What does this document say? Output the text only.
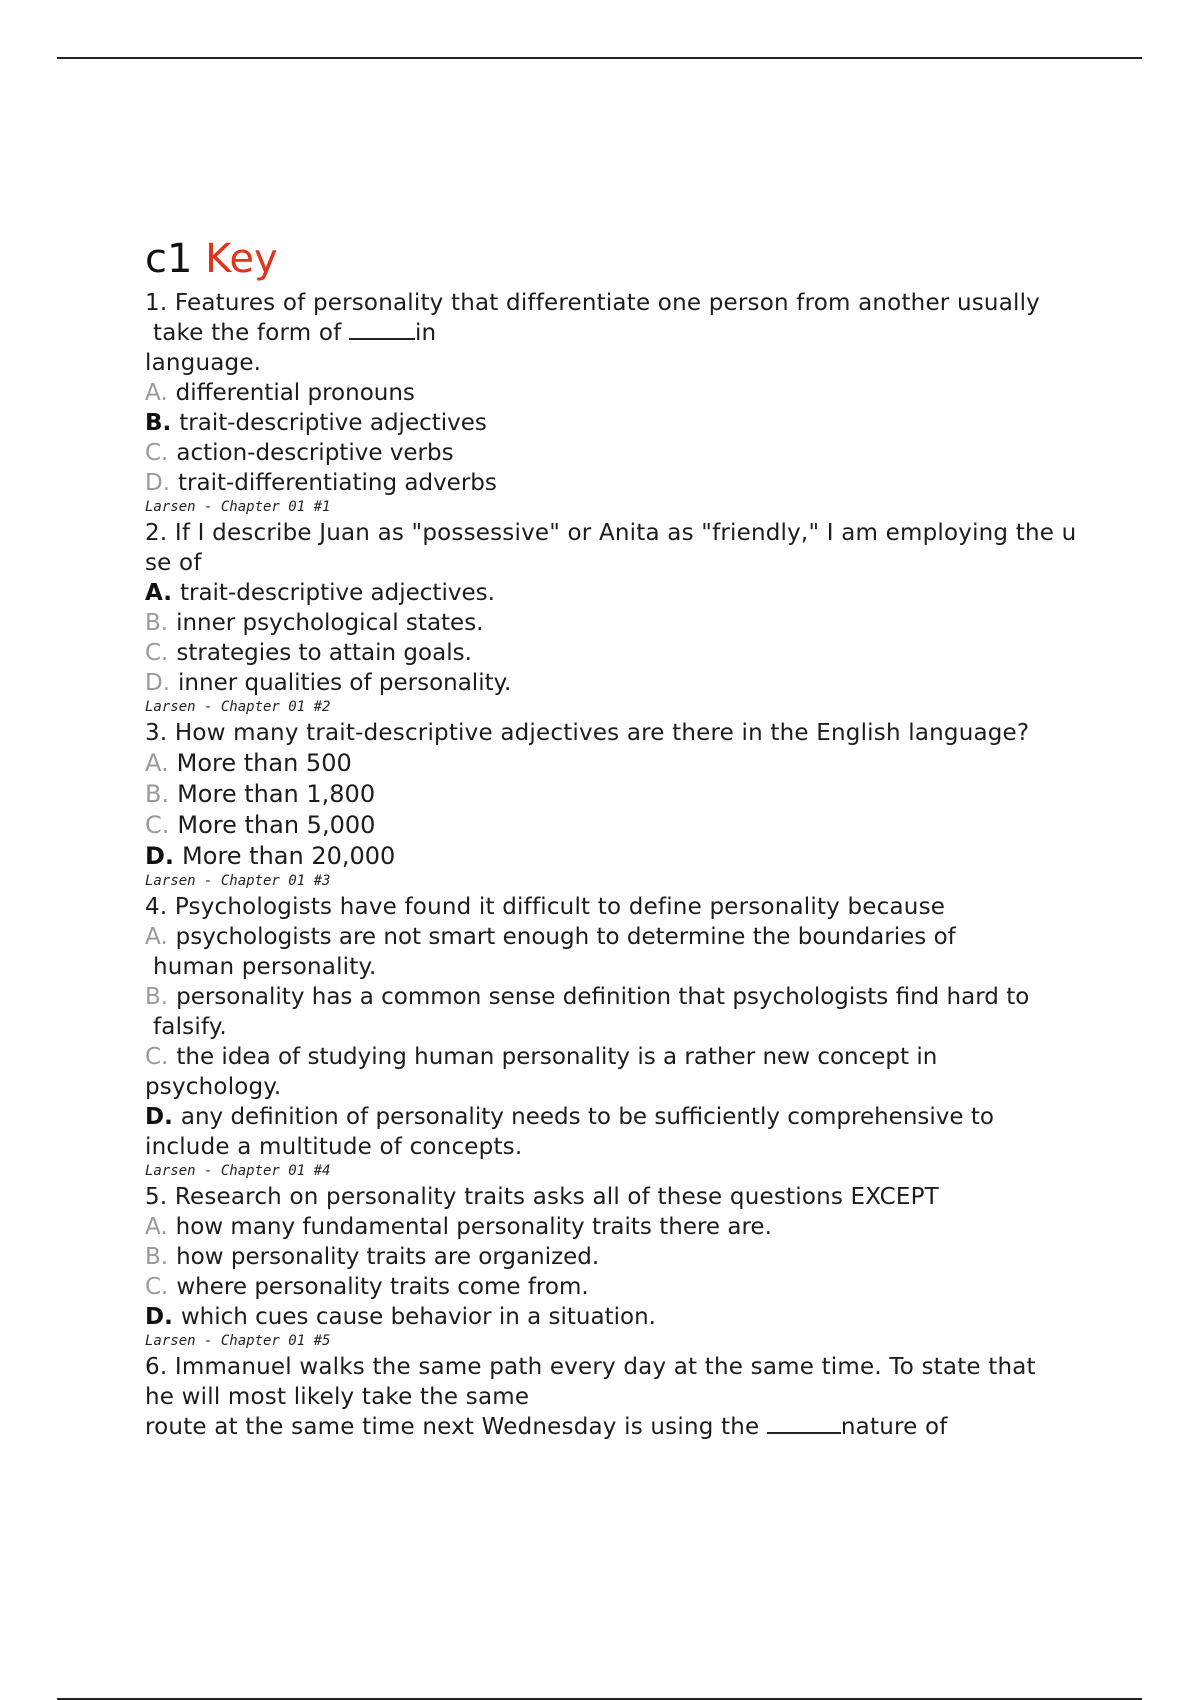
c1 Key
1. Features of personality that differentiate one person from another usually
take the form of	in
language.
A. differential pronouns
B. trait-descriptive adjectives
C. action-descriptive verbs
D. trait-differentiating adverbs
Larsen - Chapter 01 #1
2. If I describe Juan as "possessive" or Anita as "friendly," I am employing the u
se of
A. trait-descriptive adjectives.
B. inner psychological states.
C. strategies to attain goals.
D. inner qualities of personality.
Larsen - Chapter 01 #2
3. How many trait-descriptive adjectives are there in the English language?
A. More than 500
B. More than 1,800
C. More than 5,000
D. More than 20,000
Larsen - Chapter 01 #3
4. Psychologists have found it difficult to define personality because
A. psychologists are not smart enough to determine the boundaries of
human personality.
B. personality has a common sense definition that psychologists find hard to
falsify.
C. the idea of studying human personality is a rather new concept in
psychology.
D. any definition of personality needs to be sufficiently comprehensive to
include a multitude of concepts.
Larsen - Chapter 01 #4
5. Research on personality traits asks all of these questions EXCEPT
A. how many fundamental personality traits there are.
B. how personality traits are organized.
C. where personality traits come from.
D. which cues cause behavior in a situation.
Larsen - Chapter 01 #5
6. Immanuel walks the same path every day at the same time. To state that
he will most likely take the same
route at the same time next Wednesday is using the	nature of
